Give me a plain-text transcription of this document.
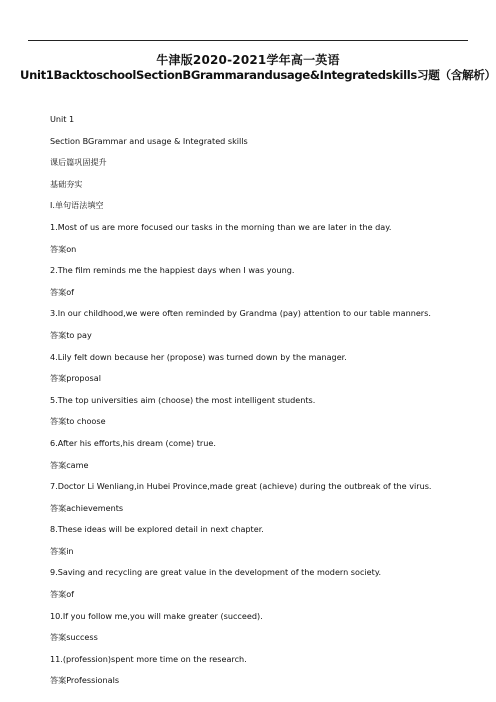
牛津版2020-2021学年高一英语
Unit1BacktoschoolSectionBGrammarandusage&Integratedskills习题（含解析）
Unit 1
Section BGrammar and usage & Integrated skills
课后篇巩固提升
基础夯实
Ⅰ.单句语法填空
1.Most of us are more focused our tasks in the morning than we are later in the day.
答案on
2.The film reminds me the happiest days when I was young.
答案of
3.In our childhood,we were often reminded by Grandma (pay) attention to our table manners.
答案to pay
4.Lily felt down because her (propose) was turned down by the manager.
答案proposal
5.The top universities aim (choose) the most intelligent students.
答案to choose
6.After his efforts,his dream (come) true.
答案came
7.Doctor Li Wenliang,in Hubei Province,made great (achieve) during the outbreak of the virus.
答案achievements
8.These ideas will be explored detail in next chapter.
答案in
9.Saving and recycling are great value in the development of the modern society.
答案of
10.If you follow me,you will make greater (succeed).
答案success
11.(profession)spent more time on the research.
答案Professionals
